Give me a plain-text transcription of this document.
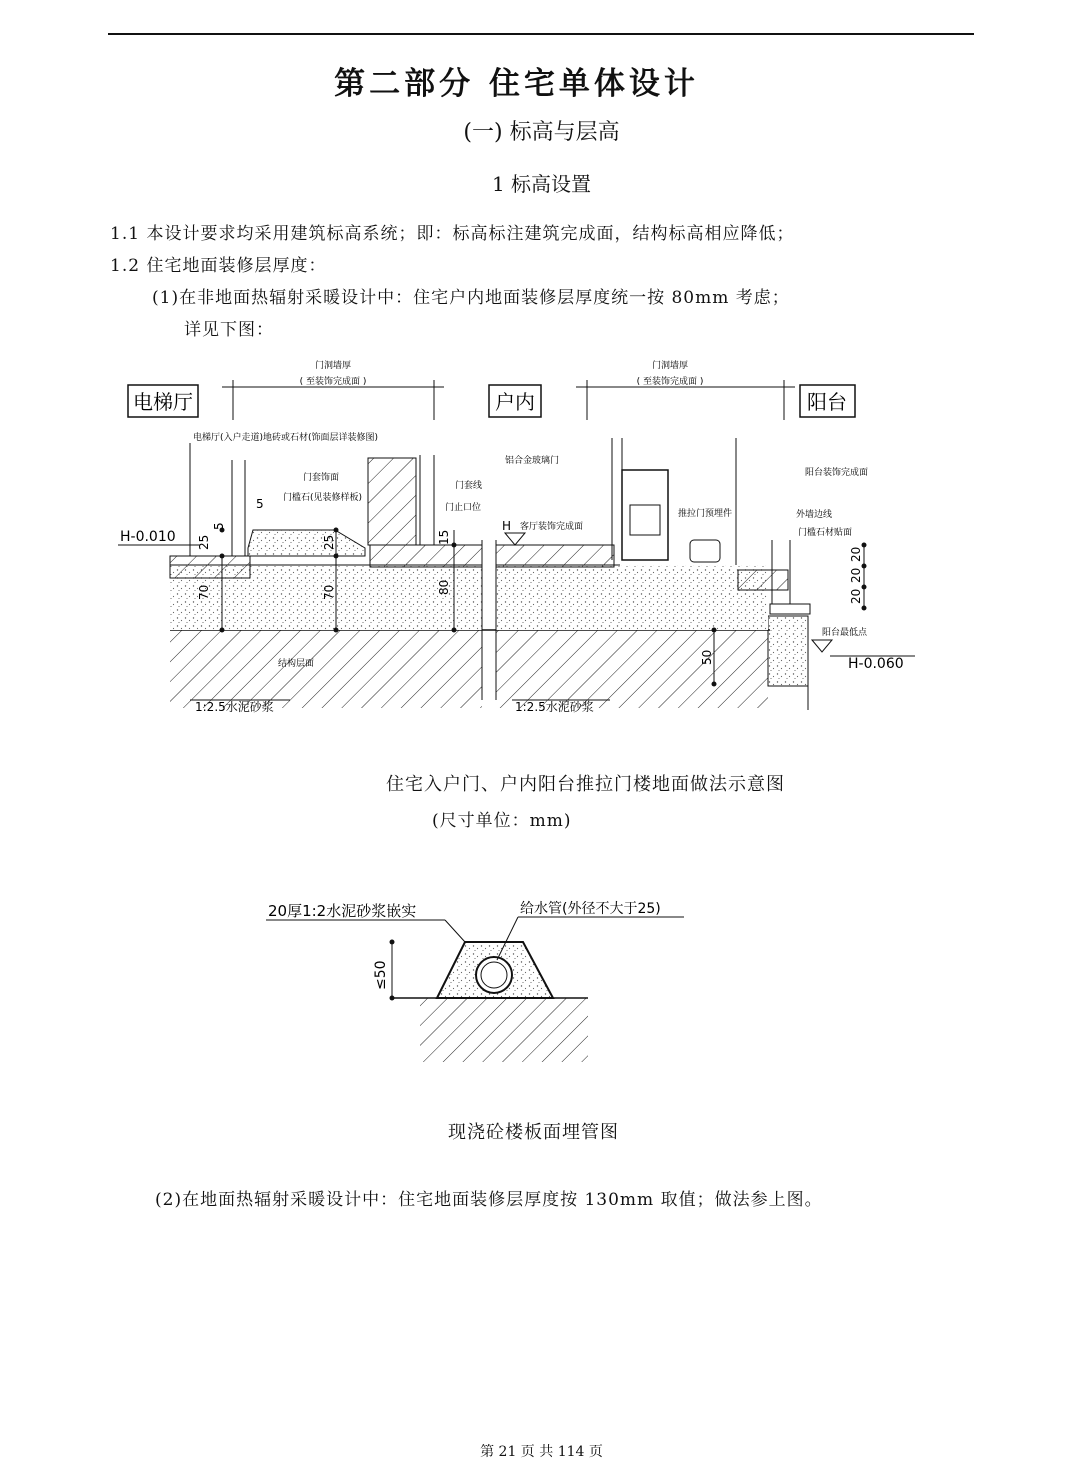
第二部分 住宅单体设计
(一) 标高与层高
1 标高设置
1.1 本设计要求均采用建筑标高系统；即：标高标注建筑完成面，结构标高相应降低；
1.2 住宅地面装修层厚度：
(1)在非地面热辐射采暖设计中：住宅户内地面装修层厚度统一按 80mm 考虑；
详见下图：
电梯厅	户内	阳台
门洞墙厚
( 至装饰完成面 )
门洞墙厚
( 至装饰完成面 )
5
5
25	25
70	70
15
80
50
20
20
20
H-0.010
H
H-0.060
电梯厅(入户走道)地砖或石材(饰面层详装修图)
铝合金玻璃门
门套饰面
门套线
门槛石(见装修样板)
门止口位
客厅装饰完成面
推拉门预埋件
阳台装饰完成面
外墙边线
门槛石材贴面
阳台最低点
结构层面
1:2.5水泥砂浆	1:2.5水泥砂浆
住宅入户门、户内阳台推拉门楼地面做法示意图
(尺寸单位：mm)
≤50
20厚1:2水泥砂浆嵌实	给水管(外径不大于25)
现浇砼楼板面埋管图
(2)在地面热辐射采暖设计中：住宅地面装修层厚度按 130mm 取值；做法参上图。
第 21 页 共 114 页
